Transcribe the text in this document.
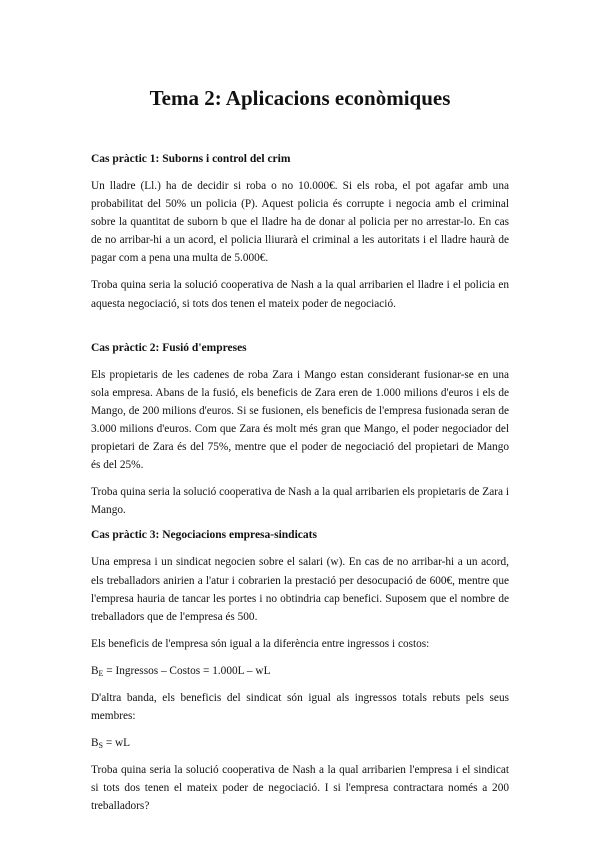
Tema 2: Aplicacions econòmiques

Cas pràctic 1: Suborns i control del crim

Un lladre (Ll.) ha de decidir si roba o no 10.000€. Si els roba, el pot agafar amb una probabilitat del 50% un policia (P). Aquest policia és corrupte i negocia amb el criminal sobre la quantitat de suborn b que el lladre ha de donar al policia per no arrestar-lo. En cas de no arribar-hi a un acord, el policia lliurarà el criminal a les autoritats i el lladre haurà de pagar com a pena una multa de 5.000€.

Troba quina seria la solució cooperativa de Nash a la qual arribarien el lladre i el policia en aquesta negociació, si tots dos tenen el mateix poder de negociació.

Cas pràctic 2: Fusió d'empreses

Els propietaris de les cadenes de roba Zara i Mango estan considerant fusionar-se en una sola empresa. Abans de la fusió, els beneficis de Zara eren de 1.000 milions d'euros i els de Mango, de 200 milions d'euros. Si se fusionen, els beneficis de l'empresa fusionada seran de 3.000 milions d'euros. Com que Zara és molt més gran que Mango, el poder negociador del propietari de Zara és del 75%, mentre que el poder de negociació del propietari de Mango és del 25%.

Troba quina seria la solució cooperativa de Nash a la qual arribarien els propietaris de Zara i Mango.

Cas pràctic 3: Negociacions empresa-sindicats

Una empresa i un sindicat negocien sobre el salari (w). En cas de no arribar-hi a un acord, els treballadors anirien a l'atur i cobrarien la prestació per desocupació de 600€, mentre que l'empresa hauria de tancar les portes i no obtindria cap benefici. Suposem que el nombre de treballadors que de l'empresa és 500.

Els beneficis de l'empresa són igual a la diferència entre ingressos i costos:

$B_E$ = Ingressos – Costos = 1.000L – wL

D'altra banda, els beneficis del sindicat són igual als ingressos totals rebuts pels seus membres:

$B_S$ = wL

Troba quina seria la solució cooperativa de Nash a la qual arribarien l'empresa i el sindicat si tots dos tenen el mateix poder de negociació. I si l'empresa contractara només a 200 treballadors?
